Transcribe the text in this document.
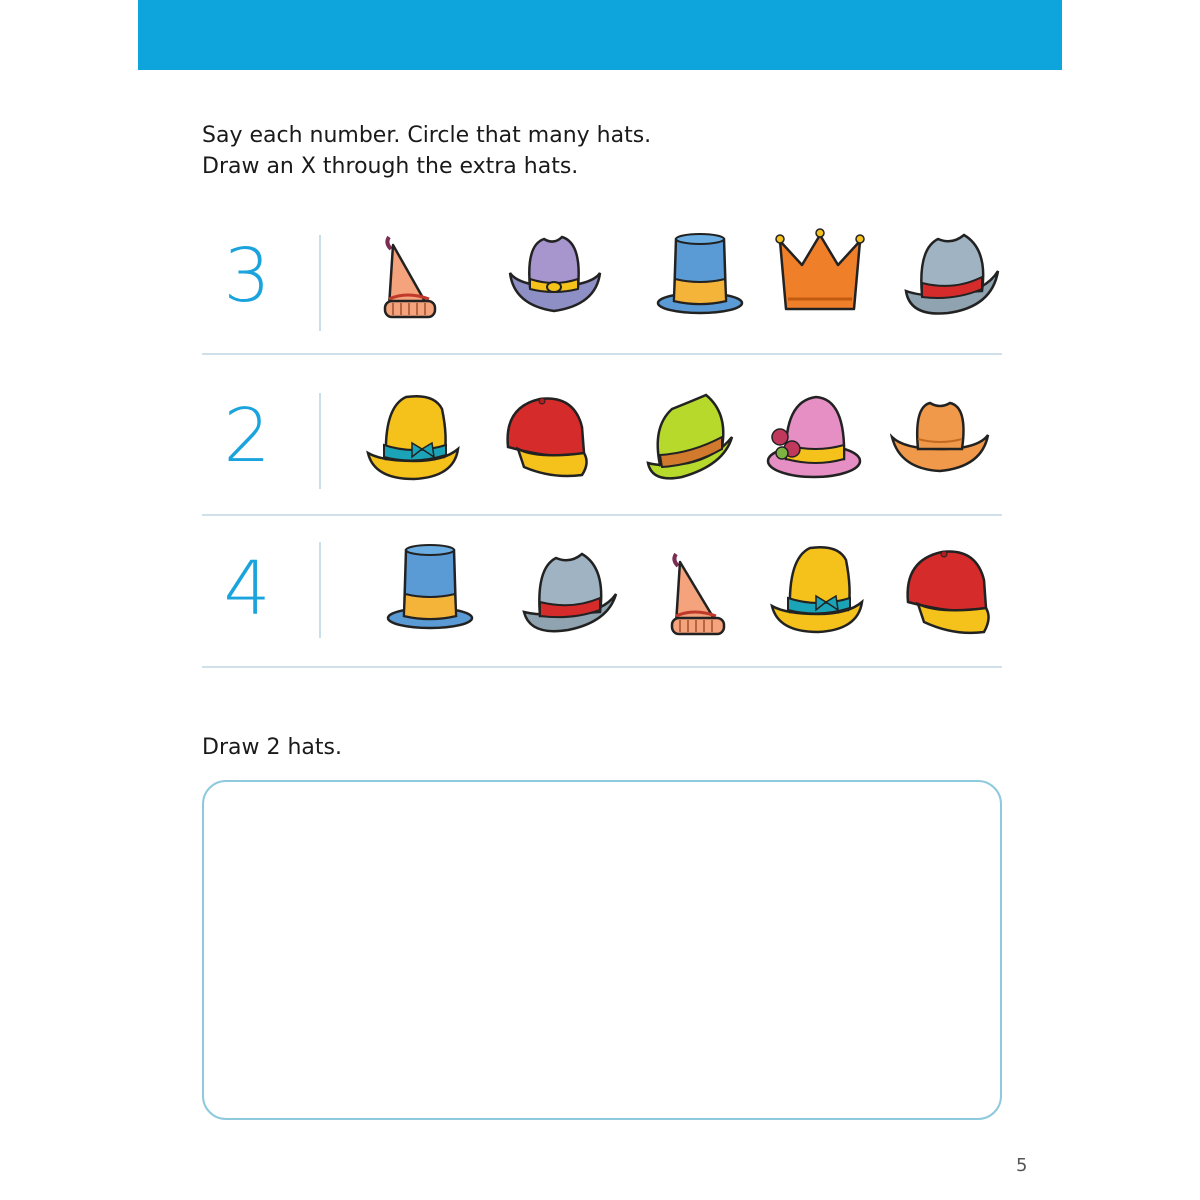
Say each number. Circle that many hats.
Draw an X through the extra hats.
3
2
4
Draw 2 hats.
5
